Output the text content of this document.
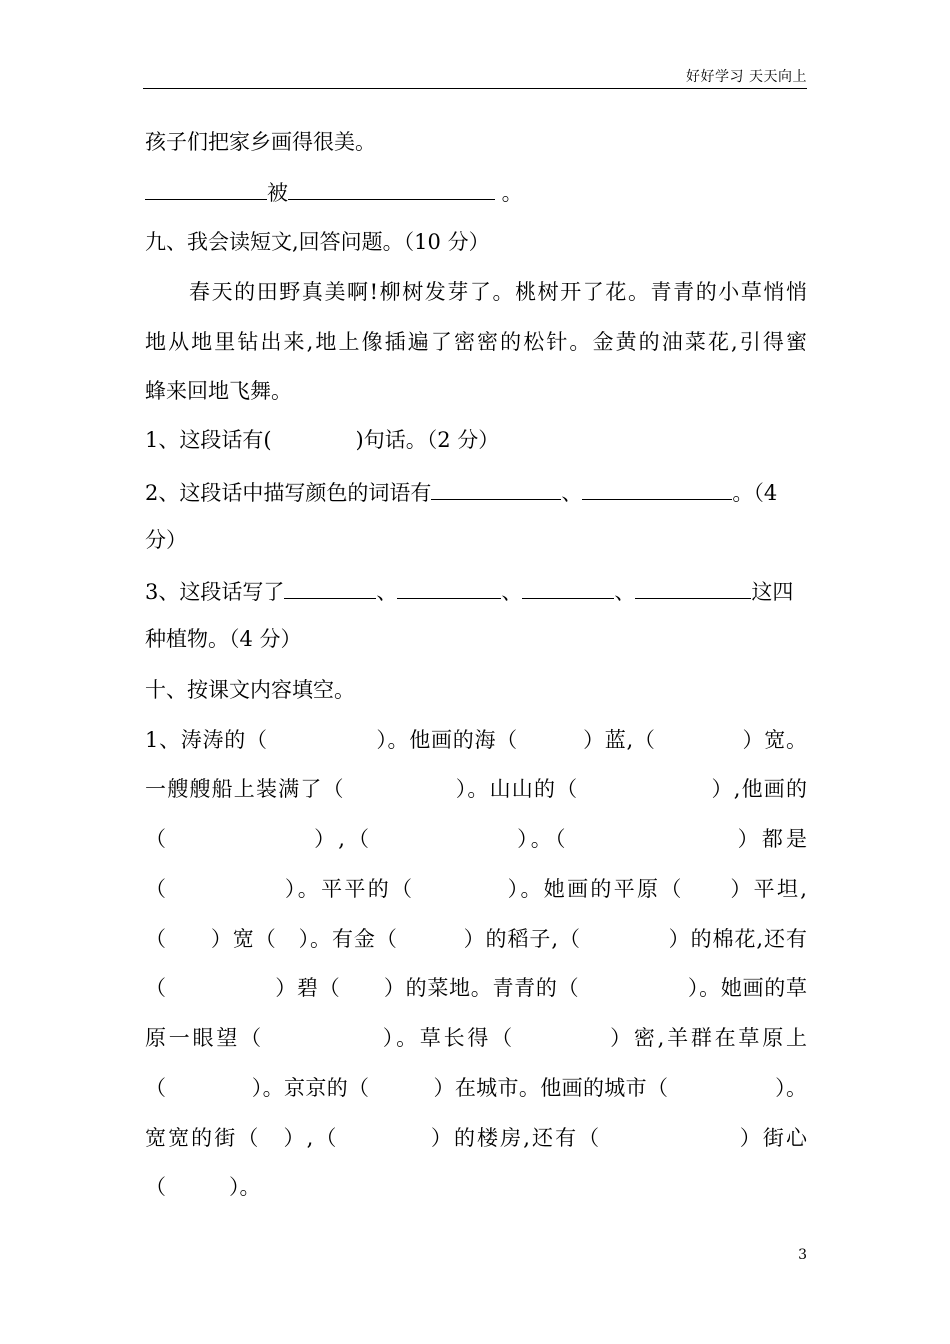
好好学习 天天向上
孩子们把家乡画得很美。
被	。
九、我会读短文,回答问题。（10 分）
春天的田野真美啊!柳树发芽了。桃树开了花。青青的小草悄悄
地从地里钻出来,地上像插遍了密密的松针。金黄的油菜花,引得蜜
蜂来回地飞舞。
1、这段话有(　　　　)句话。（2 分）
2、这段话中描写颜色的词语有	、	。（4
分）
3、这段话写了	、	、	、	这四
种植物。（4 分）
十、按课文内容填空。
1、涛涛的（　　　　　）。他画的海（　　　）蓝,（　　　　）宽。
一艘艘船上装满了（　　　　　）。山山的（　　　　　　）,他画的
（　　　　　　）,（　　　　　　）。（　　　　　　　）都是
（　　　　　）。平平的（　　　　）。她画的平原（　　）平坦,
（　　）宽（　）。有金（　　　）的稻子,（　　　　）的棉花,还有
（　　　　　）碧（　　）的菜地。青青的（　　　　　）。她画的草
原一眼望（　　　　　）。草长得（　　　　）密,羊群在草原上
（　　　　）。京京的（　　　）在城市。他画的城市（　　　　　）。
宽宽的街（　）,（　　　　）的楼房,还有（　　　　　　）街心
（　　　）。
3
